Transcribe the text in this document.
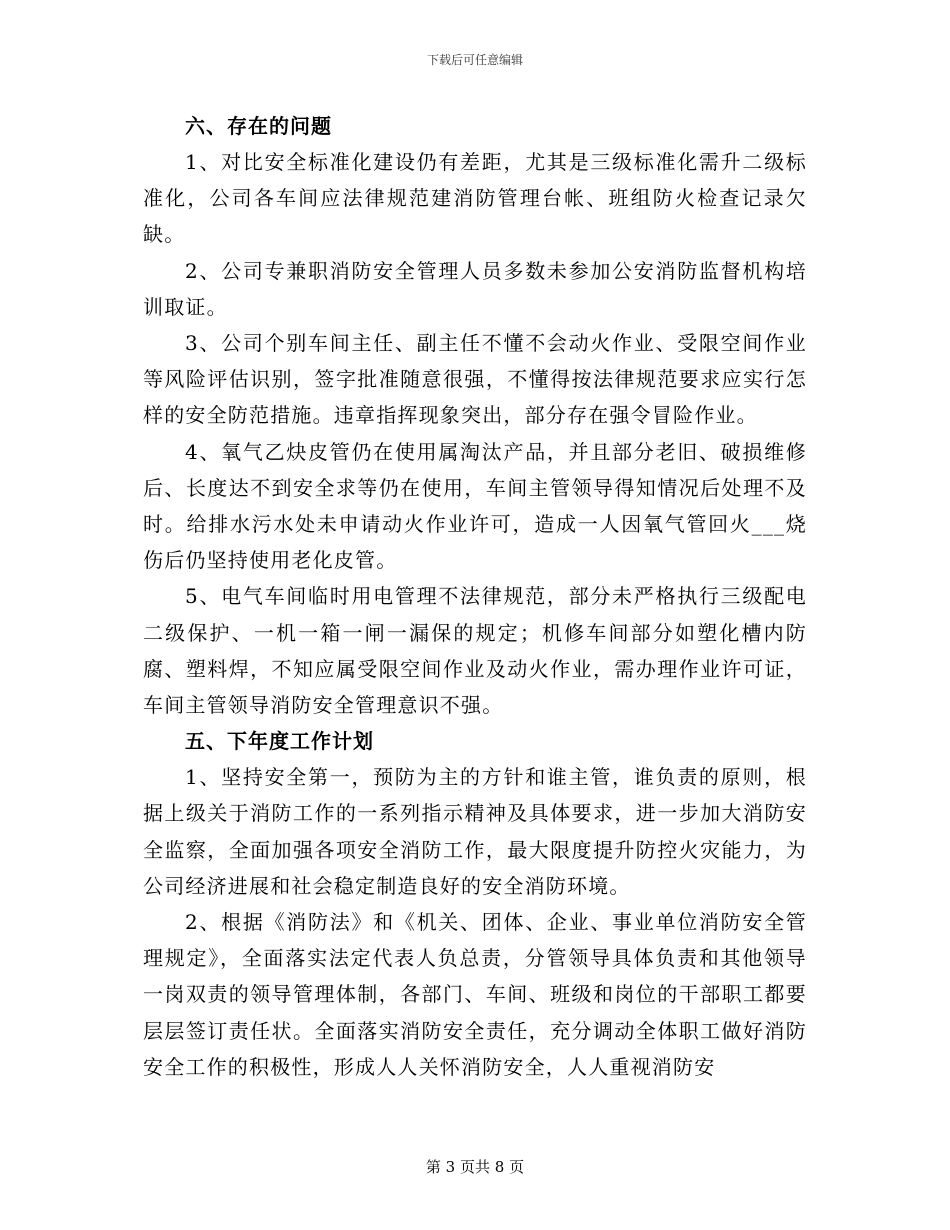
下载后可任意编辑
六、存在的问题

1、对比安全标准化建设仍有差距，尤其是三级标准化需升二级标准化，公司各车间应法律规范建消防管理台帐、班组防火检查记录欠缺。

2、公司专兼职消防安全管理人员多数未参加公安消防监督机构培训取证。

3、公司个别车间主任、副主任不懂不会动火作业、受限空间作业等风险评估识别，签字批准随意很强，不懂得按法律规范要求应实行怎样的安全防范措施。违章指挥现象突出，部分存在强令冒险作业。

4、氧气乙炔皮管仍在使用属淘汰产品，并且部分老旧、破损维修后、长度达不到安全求等仍在使用，车间主管领导得知情况后处理不及时。给排水污水处未申请动火作业许可，造成一人因氧气管回火___烧伤后仍坚持使用老化皮管。

5、电气车间临时用电管理不法律规范，部分未严格执行三级配电二级保护、一机一箱一闸一漏保的规定；机修车间部分如塑化槽内防腐、塑料焊，不知应属受限空间作业及动火作业，需办理作业许可证，车间主管领导消防安全管理意识不强。

五、下年度工作计划

1、坚持安全第一，预防为主的方针和谁主管，谁负责的原则，根据上级关于消防工作的一系列指示精神及具体要求，进一步加大消防安全监察，全面加强各项安全消防工作，最大限度提升防控火灾能力，为公司经济进展和社会稳定制造良好的安全消防环境。

2、根据《消防法》和《机关、团体、企业、事业单位消防安全管理规定》，全面落实法定代表人负总责，分管领导具体负责和其他领导一岗双责的领导管理体制，各部门、车间、班级和岗位的干部职工都要层层签订责任状。全面落实消防安全责任，充分调动全体职工做好消防安全工作的积极性，形成人人关怀消防安全，人人重视消防安

第 3 页共 8 页
